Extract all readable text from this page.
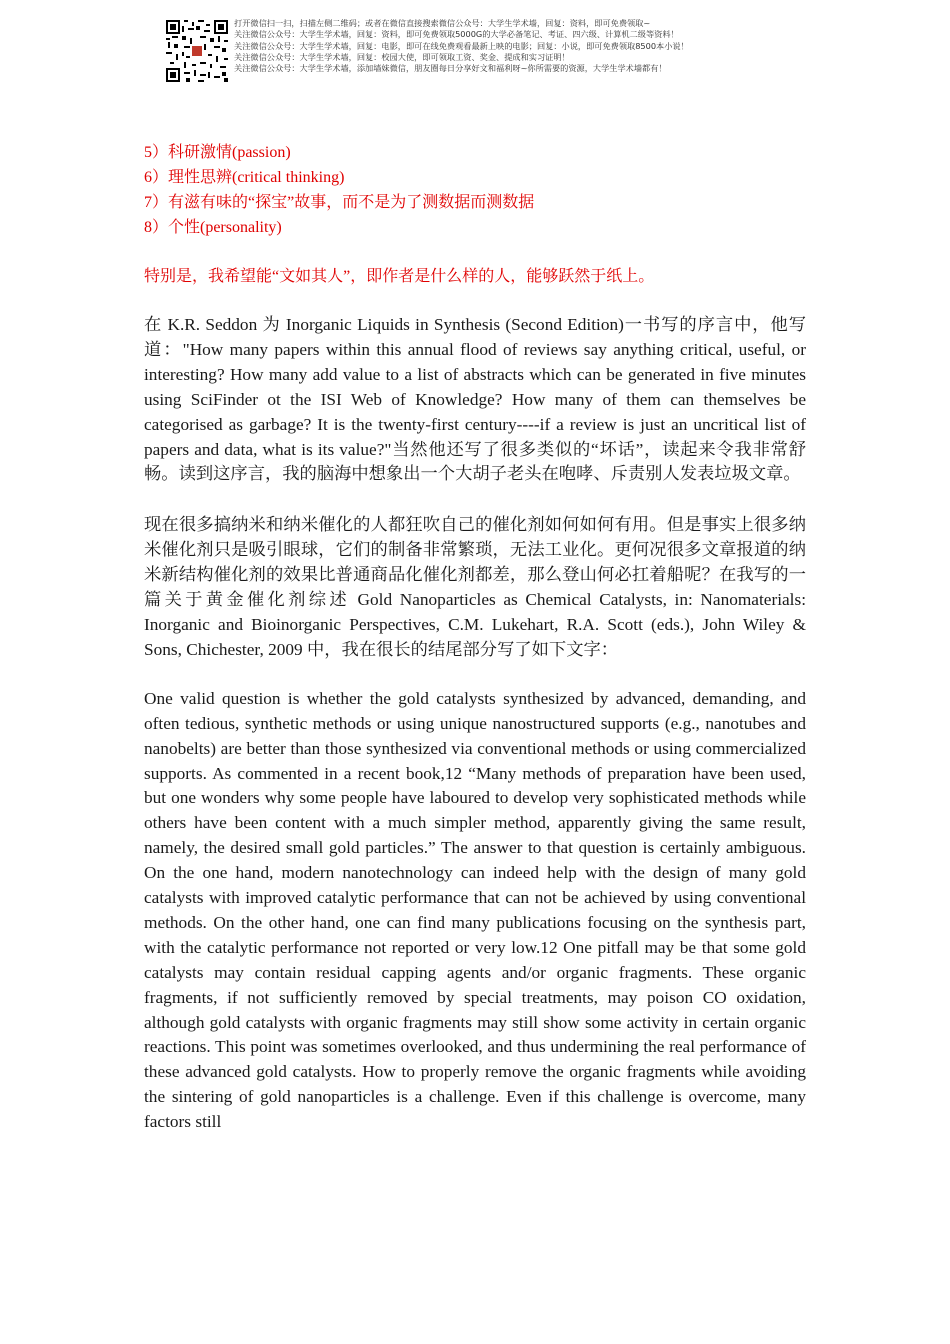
打开微信扫一扫，扫描左侧二维码；或者在微信直接搜索微信公众号：大学生学术墙，回复：资料，即可免费领取~
关注微信公众号：大学生学术墙，回复：资料，即可免费领取5000G的大学必备笔记、考证、四六级、计算机二级等资料！
关注微信公众号：大学生学术墙，回复：电影，即可在线免费观看最新上映的电影；回复：小说，即可免费领取8500本小说！
关注微信公众号：大学生学术墙，回复：校园大使，即可领取工资、奖金、提成和实习证明！
关注微信公众号：大学生学术墙，添加墙妹微信，朋友圈每日分享好文和福利呀~你所需要的资源，大学生学术墙都有！
5）科研激情(passion)
6）理性思辨(critical thinking)
7）有滋有味的“探宝”故事，而不是为了测数据而测数据
8）个性(personality)

特别是，我希望能“文如其人”，即作者是什么样的人，能够跃然于纸上。

在 K.R. Seddon 为 Inorganic Liquids in Synthesis (Second Edition)一书写的序言中，他写道："How many papers within this annual flood of reviews say anything critical, useful, or interesting? How many add value to a list of abstracts which can be generated in five minutes using SciFinder ot the ISI Web of Knowledge? How many of them can themselves be categorised as garbage? It is the twenty-first century----if a review is just an uncritical list of papers and data, what is its value?"当然他还写了很多类似的“坏话”，读起来令我非常舒畅。读到这序言，我的脑海中想象出一个大胡子老头在咆哮、斥责别人发表垃圾文章。

现在很多搞纳米和纳米催化的人都狂吹自己的催化剂如何如何有用。但是事实上很多纳米催化剂只是吸引眼球，它们的制备非常繁琐，无法工业化。更何况很多文章报道的纳米新结构催化剂的效果比普通商品化催化剂都差，那么登山何必扛着船呢？在我写的一篇关于黄金催化剂综述 Gold Nanoparticles as Chemical Catalysts, in: Nanomaterials: Inorganic and Bioinorganic Perspectives, C.M. Lukehart, R.A. Scott (eds.), John Wiley & Sons, Chichester, 2009 中，我在很长的结尾部分写了如下文字：

One valid question is whether the gold catalysts synthesized by advanced, demanding, and often tedious, synthetic methods or using unique nanostructured supports (e.g., nanotubes and nanobelts) are better than those synthesized via conventional methods or using commercialized supports. As commented in a recent book,12 “Many methods of preparation have been used, but one wonders why some people have laboured to develop very sophisticated methods while others have been content with a much simpler method, apparently giving the same result, namely, the desired small gold particles.” The answer to that question is certainly ambiguous. On the one hand, modern nanotechnology can indeed help with the design of many gold catalysts with improved catalytic performance that can not be achieved by using conventional methods. On the other hand, one can find many publications focusing on the synthesis part, with the catalytic performance not reported or very low.12 One pitfall may be that some gold catalysts may contain residual capping agents and/or organic fragments. These organic fragments, if not sufficiently removed by special treatments, may poison CO oxidation, although gold catalysts with organic fragments may still show some activity in certain organic reactions. This point was sometimes overlooked, and thus undermining the real performance of these advanced gold catalysts. How to properly remove the organic fragments while avoiding the sintering of gold nanoparticles is a challenge. Even if this challenge is overcome, many factors still
